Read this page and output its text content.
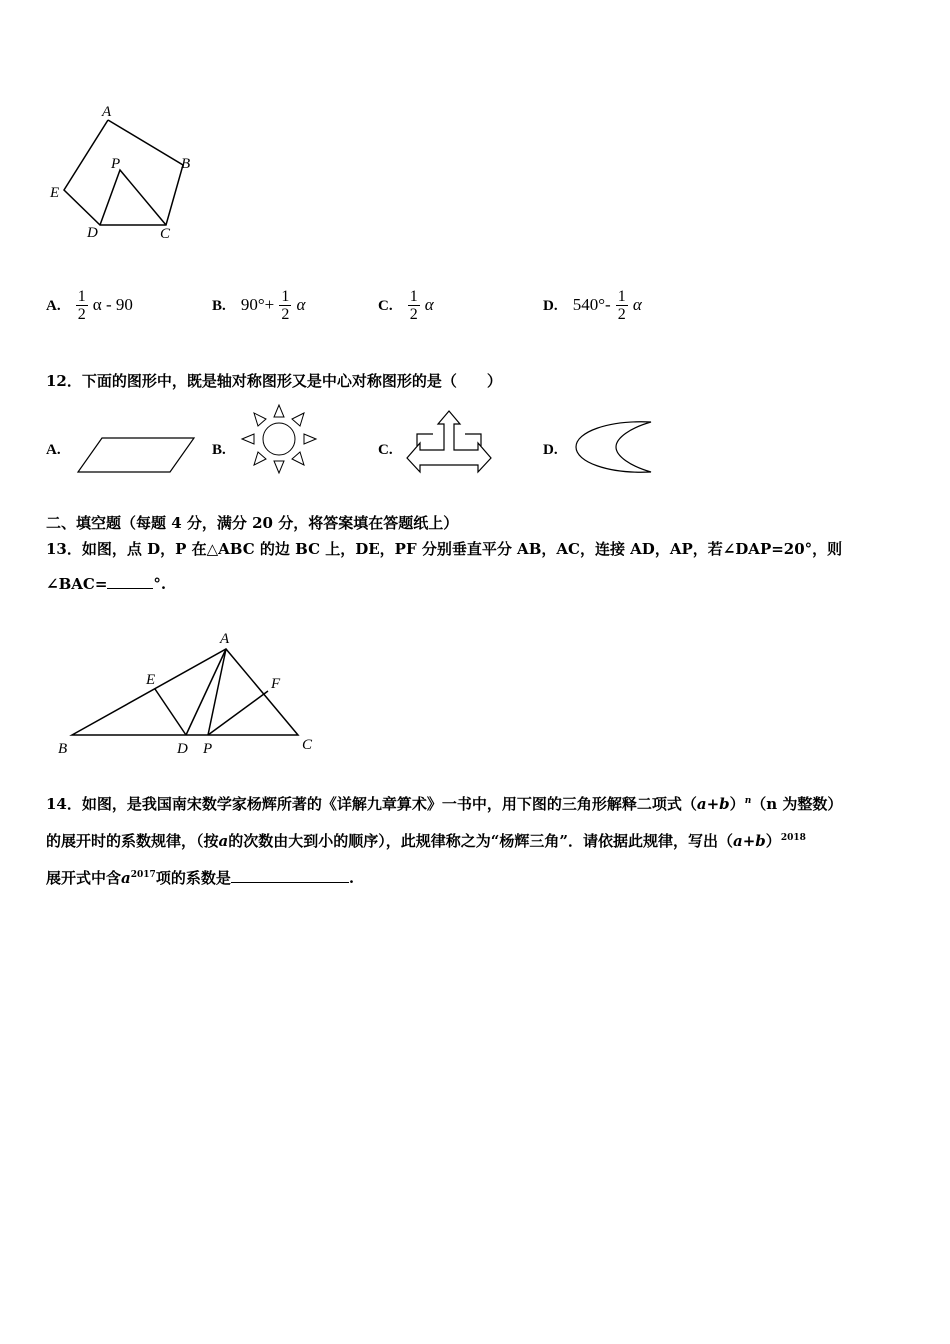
A
B
P
E
D	C
A. $\frac{1}{2}$ α - 90	B. $90^\circ+ \frac{1}{2}$ α	C. $\frac{1}{2}$ α	D. $540^\circ- \frac{1}{2}$ α
12．下面的图形中，既是轴对称图形又是中心对称图形的是（　　）
A.	B.	C.	D.
二、填空题（每题 4 分，满分 20 分，将答案填在答题纸上）
13．如图，点 D，P 在△ABC 的边 BC 上，DE，PF 分别垂直平分 AB，AC，连接 AD，AP，若∠DAP=20°，则
∠BAC=	°.
A
E	F
B	D P	C
14．如图，是我国南宋数学家杨辉所著的《详解九章算术》一书中，用下图的三角形解释二项式$(a+b)^n(n$ 为整数）
的展开时的系数规律，（按a的次数由大到小的顺序），此规律称之为“杨辉三角”．请依据此规律，写出$(a+b)^{2018}$
展开式中含$a^{2017}$项的系数是	.
